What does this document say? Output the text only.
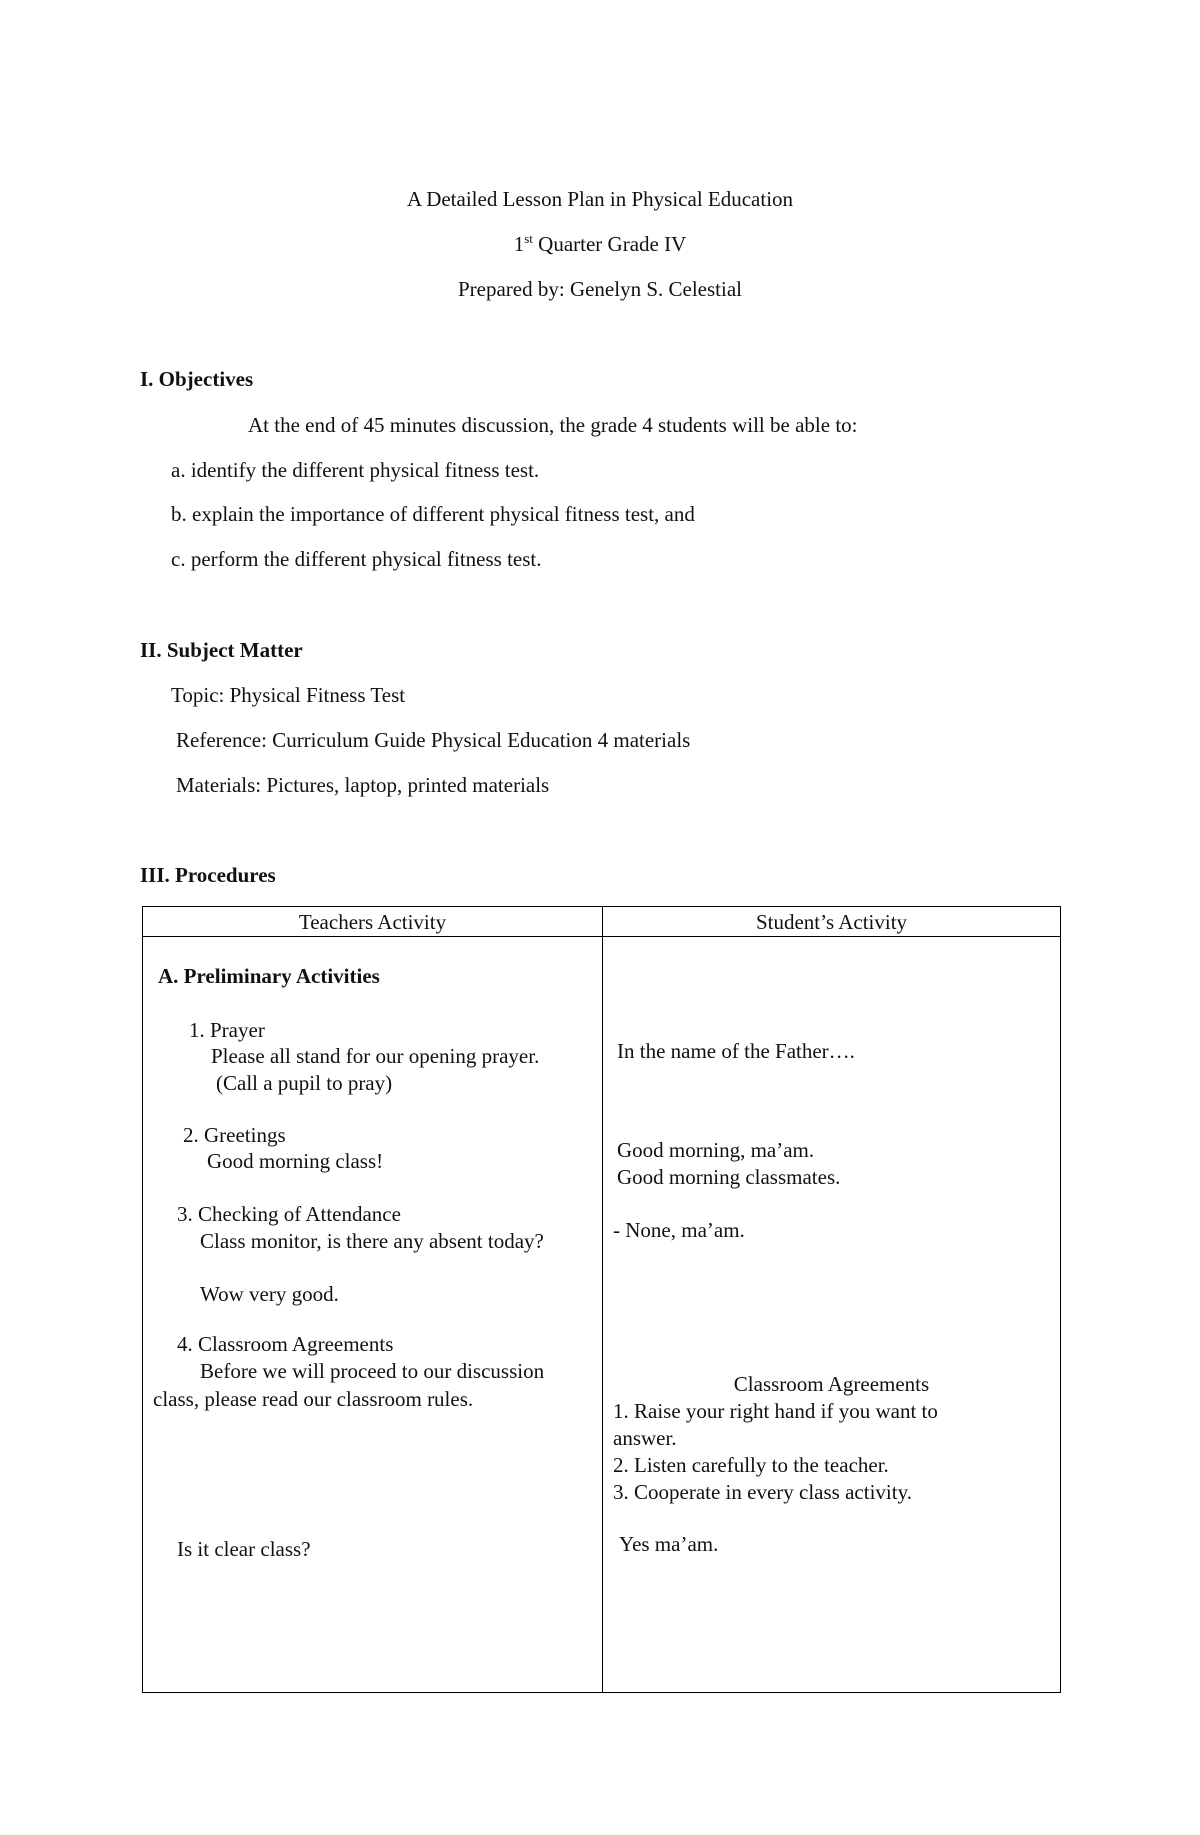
A Detailed Lesson Plan in Physical Education
1st Quarter Grade IV
Prepared by: Genelyn S. Celestial
I. Objectives
At the end of 45 minutes discussion, the grade 4 students will be able to:
a. identify the different physical fitness test.
b. explain the importance of different physical fitness test, and
c. perform the different physical fitness test.
II. Subject Matter
Topic: Physical Fitness Test
Reference: Curriculum Guide Physical Education 4 materials
Materials: Pictures, laptop, printed materials
III. Procedures
Teachers Activity	Student’s Activity
A. Preliminary Activities
1. Prayer
Please all stand for our opening prayer.
(Call a pupil to pray)
2. Greetings
Good morning class!
3. Checking of Attendance
Class monitor, is there any absent today?
Wow very good.
4. Classroom Agreements
Before we will proceed to our discussion
class, please read our classroom rules.
Is it clear class?
In the name of the Father….
Good morning, ma’am.
Good morning classmates.
- None, ma’am.
Classroom Agreements
1. Raise your right hand if you want to
answer.
2. Listen carefully to the teacher.
3. Cooperate in every class activity.
Yes ma’am.
